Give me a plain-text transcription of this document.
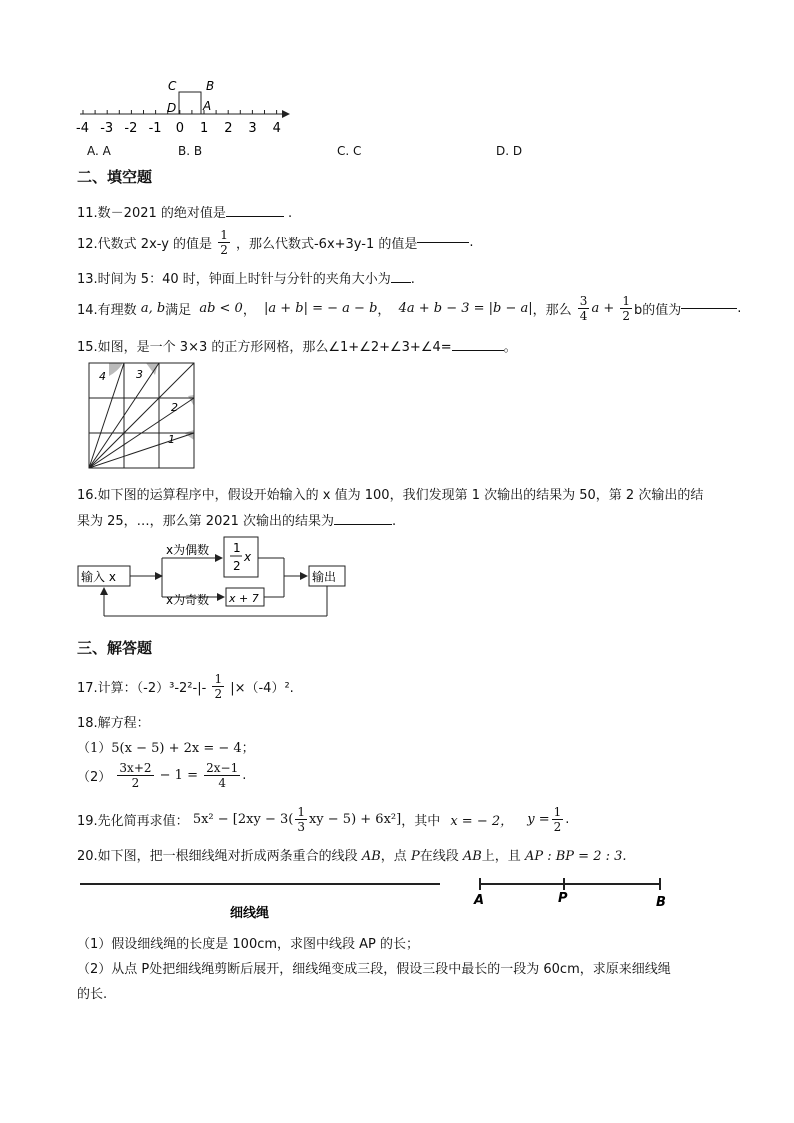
-4 -3 -2 -1 0 1 2 3 4
C B
D A
A. A	B. B	C. C	D. D
二、填空题
11.数－2021 的绝对值是	.
12.代数式 2x-y 的值是 $\frac{1}{2}$ ，那么代数式-6x+3y-1 的值是	.
13.时间为 5：40 时，钟面上时针与分针的夹角大小为 .
14.有理数 a, b满足 ab < 0， |a + b| = − a − b， 4a + b − 3 = |b − a|，那么 $\frac{3}{4}$ $a + \frac{1}{2}$ b的值为	.
15.如图，是一个 3×3 的正方形网格，那么∠1+∠2+∠3+∠4=	。
4	3
2
1
16.如下图的运算程序中，假设开始输入的 x 值为 100，我们发现第 1 次输出的结果为 50，第 2 次输出的结
果为 25，…，那么第 2021 次输出的结果为	.
输入 x
x为偶数
x为奇数
1
2
x
x + 7
输出
三、解答题
17.计算：$(-2)^3-2^2-|- \frac{1}{2} |\times(-4)^2$.
18.解方程：
（1）5(x − 5) + 2x = − 4；
$(2) \frac{3x+2}{2} - 1 = \frac{2x-1}{4}$ .
19.先化简再求值： $5x^2 - [2xy - 3( \frac{1}{3}$ xy − 5) + 6x²]，其中 x = − 2， $y = \frac{1}{2}$ .
20.如下图，把一根细线绳对折成两条重合的线段 AB，点 P在线段 AB上，且 AP : BP = 2 : 3.
细线绳
A	P	B
（1）假设细线绳的长度是 100cm，求图中线段 AP 的长；
（2）从点 P处把细线绳剪断后展开，细线绳变成三段，假设三段中最长的一段为 60cm，求原来细线绳
的长.
